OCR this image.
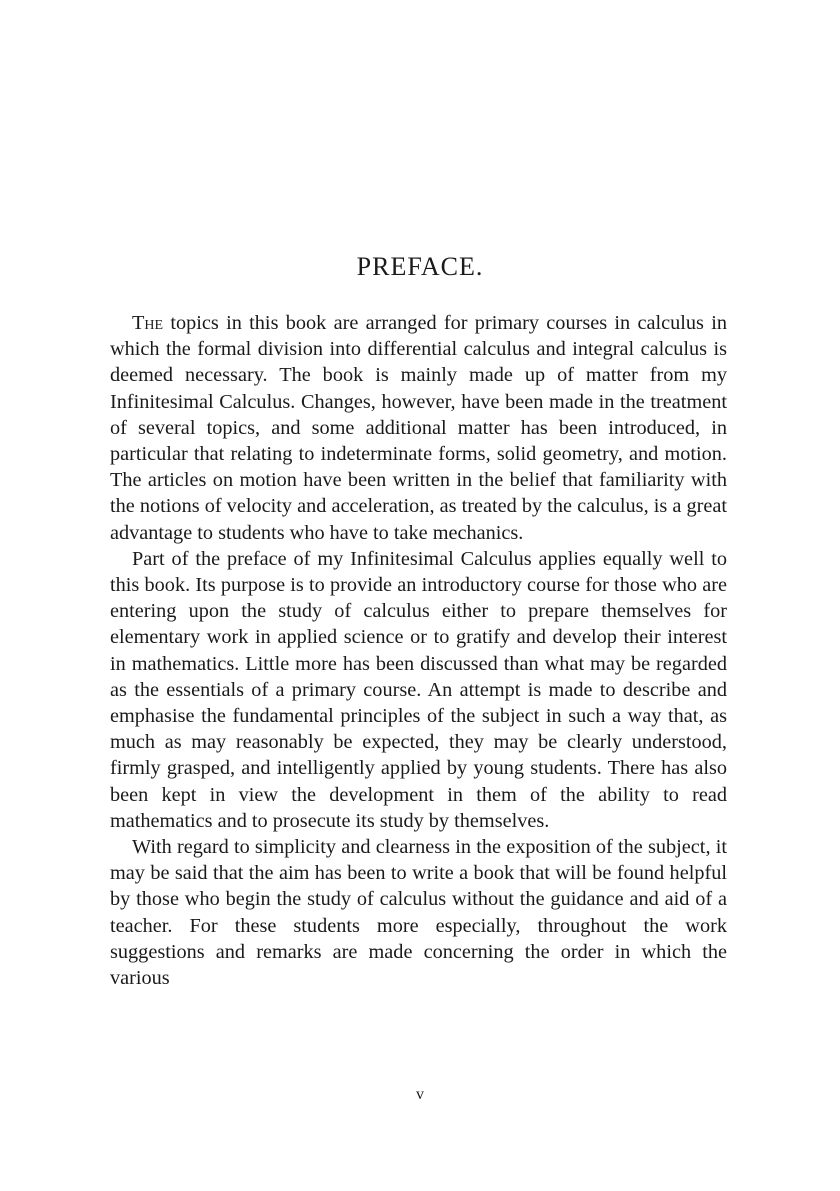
PREFACE.

The topics in this book are arranged for primary courses in calculus in which the formal division into differential calculus and integral calculus is deemed necessary. The book is mainly made up of matter from my Infinitesimal Calculus. Changes, however, have been made in the treatment of several topics, and some additional matter has been introduced, in particular that relating to indeterminate forms, solid geometry, and motion. The articles on motion have been written in the belief that familiarity with the notions of velocity and acceleration, as treated by the calculus, is a great advantage to students who have to take mechanics.

Part of the preface of my Infinitesimal Calculus applies equally well to this book. Its purpose is to provide an introductory course for those who are entering upon the study of calculus either to prepare themselves for elementary work in applied science or to gratify and develop their interest in mathematics. Little more has been discussed than what may be regarded as the essentials of a primary course. An attempt is made to describe and emphasise the fundamental principles of the subject in such a way that, as much as may reasonably be expected, they may be clearly understood, firmly grasped, and intelligently applied by young students. There has also been kept in view the development in them of the ability to read mathematics and to prosecute its study by themselves.

With regard to simplicity and clearness in the exposition of the subject, it may be said that the aim has been to write a book that will be found helpful by those who begin the study of calculus without the guidance and aid of a teacher. For these students more especially, throughout the work suggestions and remarks are made concerning the order in which the various

v
